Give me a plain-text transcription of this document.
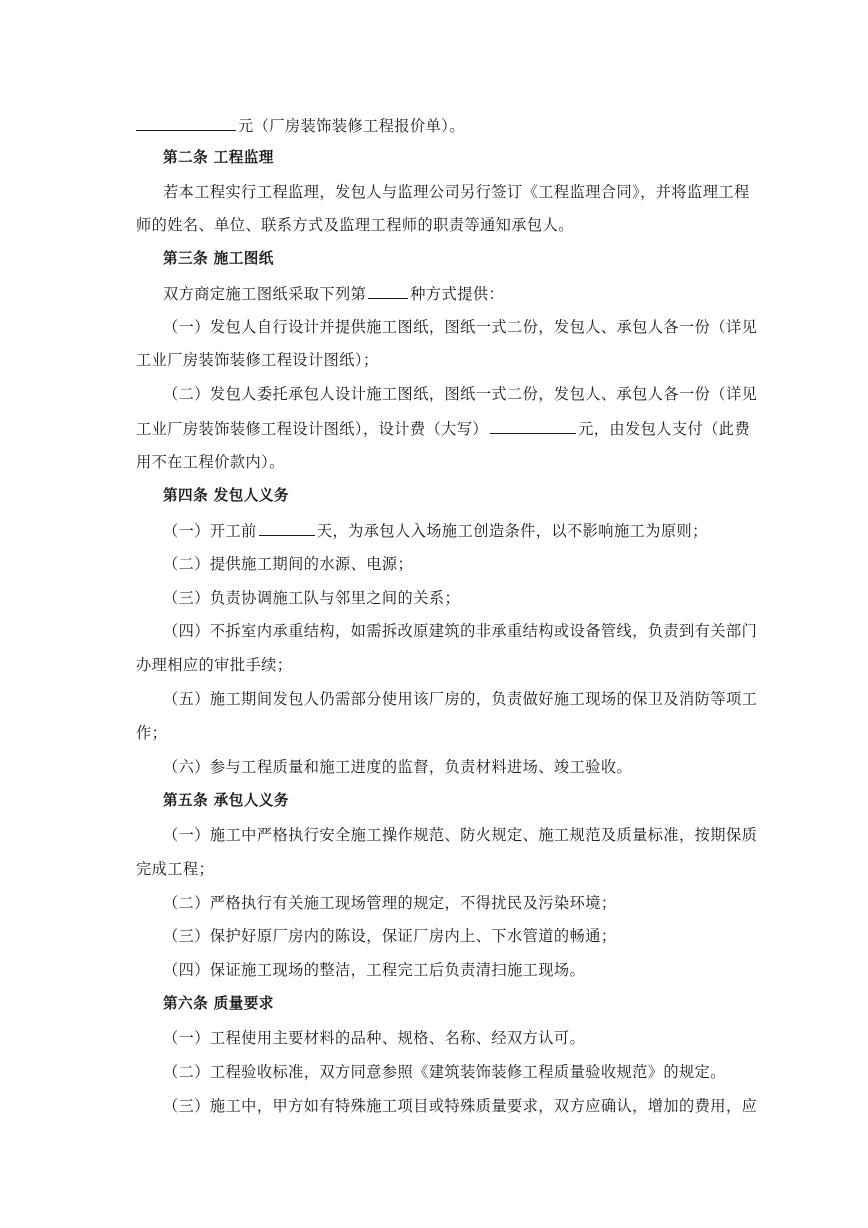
元（厂房装饰装修工程报价单）。
第二条 工程监理
若本工程实行工程监理，发包人与监理公司另行签订《工程监理合同》，并将监理工程
师的姓名、单位、联系方式及监理工程师的职责等通知承包人。
第三条 施工图纸
双方商定施工图纸采取下列第	种方式提供：
（一）发包人自行设计并提供施工图纸，图纸一式二份，发包人、承包人各一份（详见
工业厂房装饰装修工程设计图纸）；
（二）发包人委托承包人设计施工图纸，图纸一式二份，发包人、承包人各一份（详见
工业厂房装饰装修工程设计图纸），设计费（大写）	元，由发包人支付（此费
用不在工程价款内）。
第四条 发包人义务
（一）开工前	天，为承包人入场施工创造条件，以不影响施工为原则；
（二）提供施工期间的水源、电源；
（三）负责协调施工队与邻里之间的关系；
（四）不拆室内承重结构，如需拆改原建筑的非承重结构或设备管线，负责到有关部门
办理相应的审批手续；
（五）施工期间发包人仍需部分使用该厂房的，负责做好施工现场的保卫及消防等项工
作；
（六）参与工程质量和施工进度的监督，负责材料进场、竣工验收。
第五条 承包人义务
（一）施工中严格执行安全施工操作规范、防火规定、施工规范及质量标准，按期保质
完成工程；
（二）严格执行有关施工现场管理的规定，不得扰民及污染环境；
（三）保护好原厂房内的陈设，保证厂房内上、下水管道的畅通；
（四）保证施工现场的整洁，工程完工后负责清扫施工现场。
第六条 质量要求
（一）工程使用主要材料的品种、规格、名称、经双方认可。
（二）工程验收标准，双方同意参照《建筑装饰装修工程质量验收规范》的规定。
（三）施工中，甲方如有特殊施工项目或特殊质量要求，双方应确认，增加的费用，应
